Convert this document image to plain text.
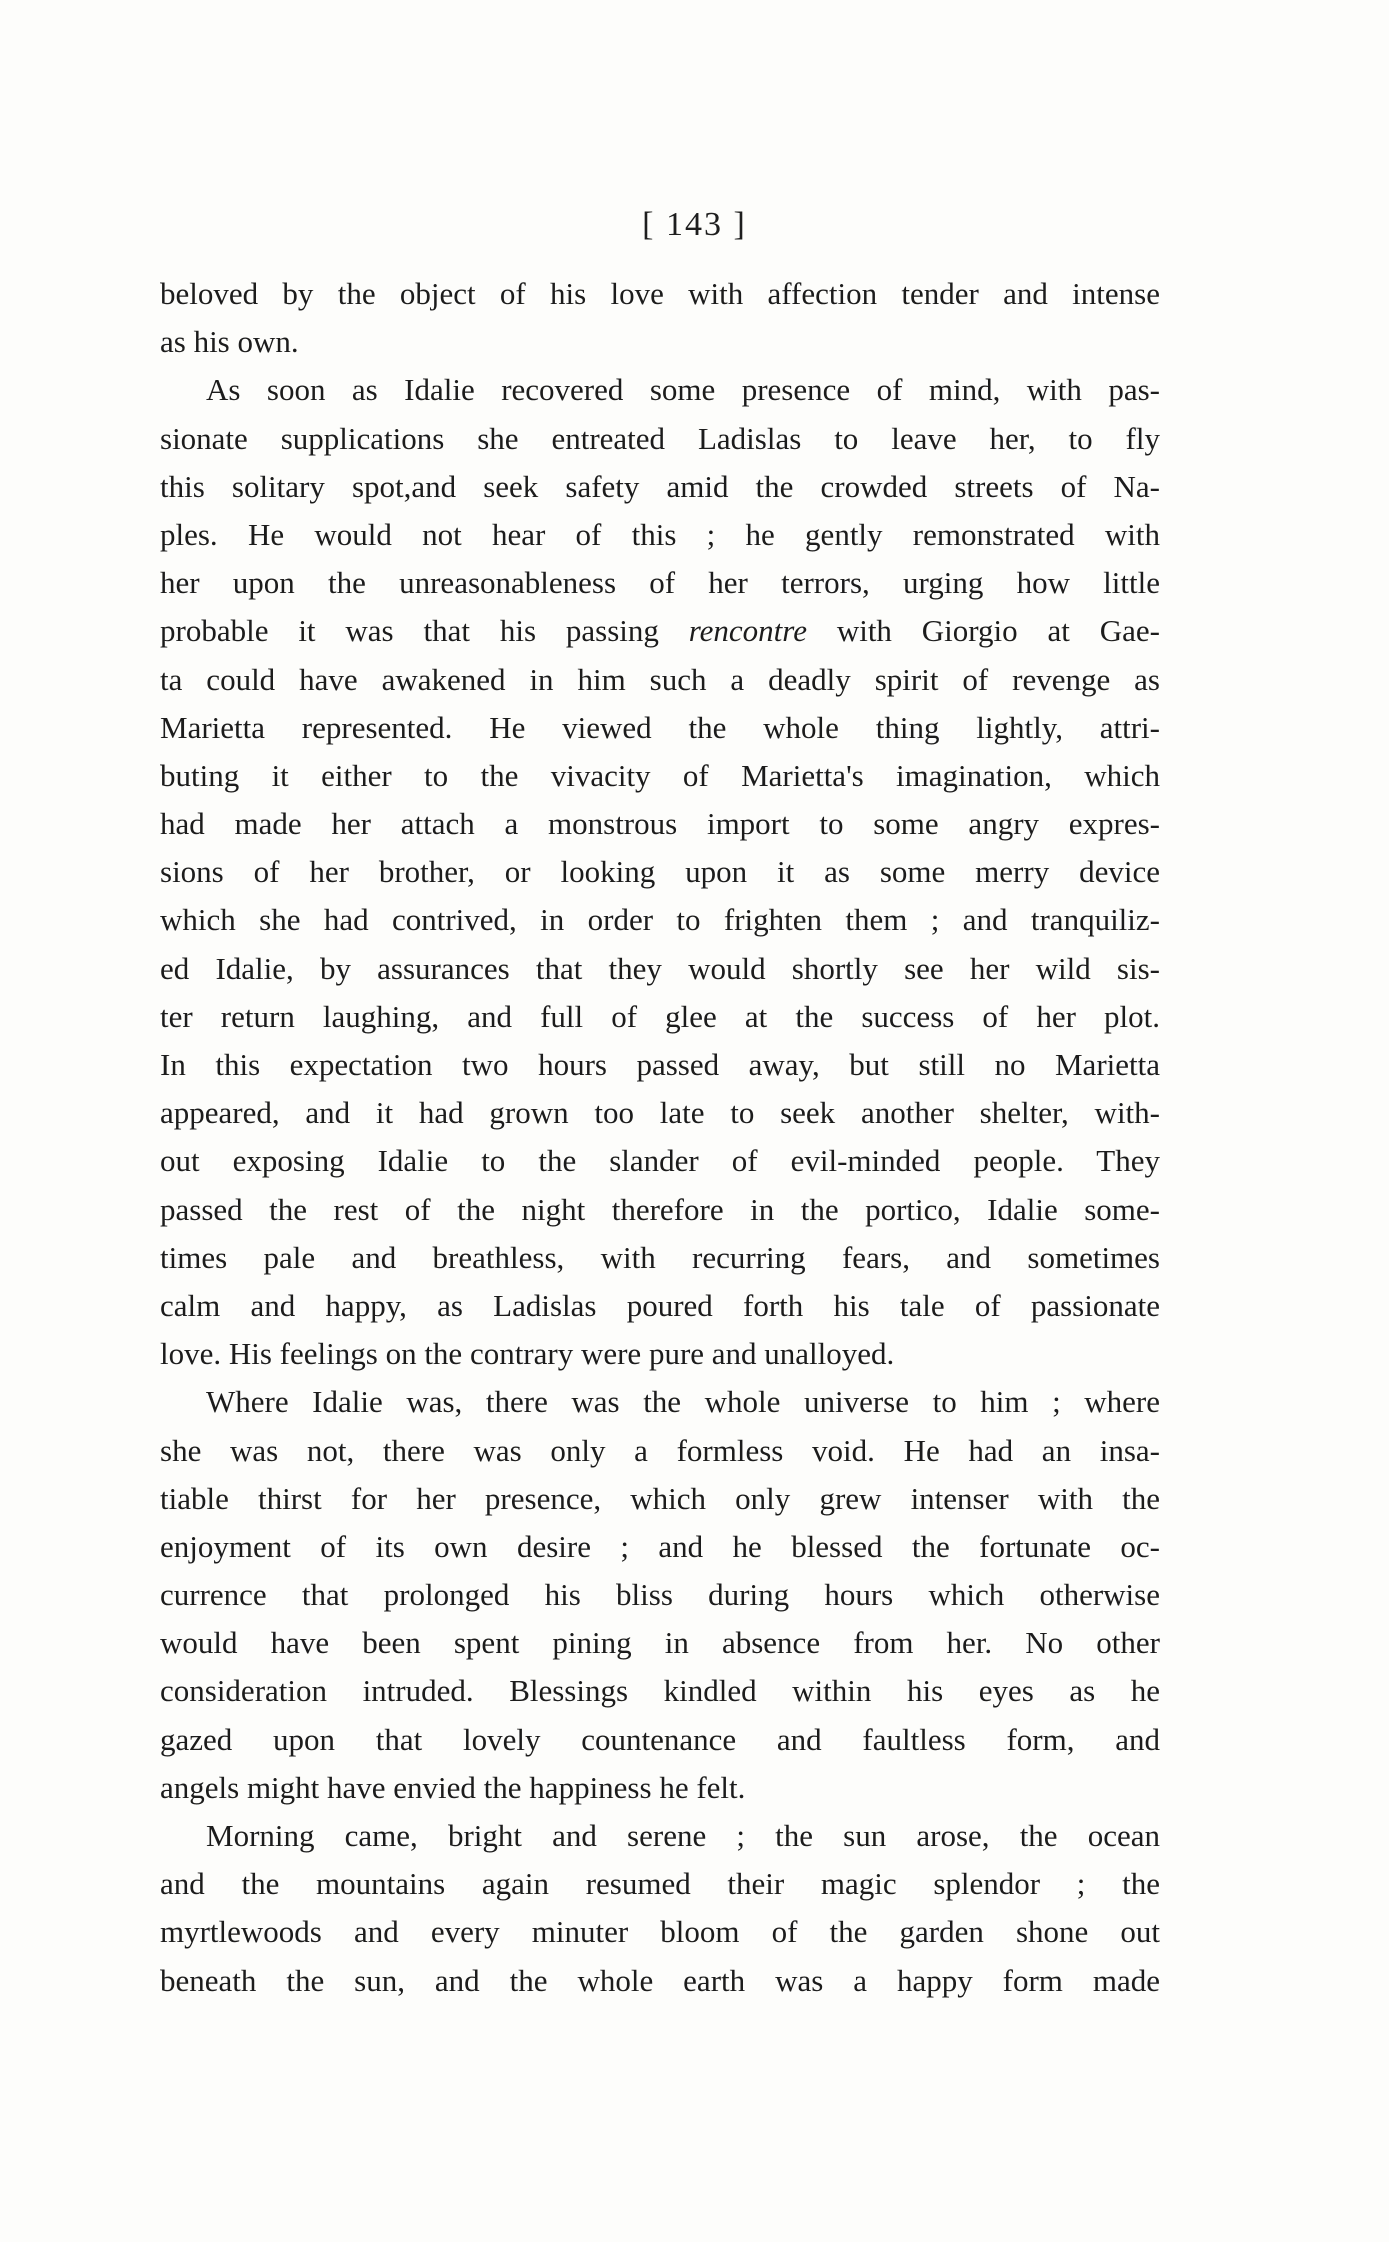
[ 143 ]
beloved by the object of his love with affection tender and intense
as his own.
As soon as Idalie recovered some presence of mind, with pas-
sionate supplications she entreated Ladislas to leave her, to fly
this solitary spot,and seek safety amid the crowded streets of Na-
ples. He would not hear of this ; he gently remonstrated with
her upon the unreasonableness of her terrors, urging how little
probable it was that his passing rencontre with Giorgio at Gae-
ta could have awakened in him such a deadly spirit of revenge as
Marietta represented. He viewed the whole thing lightly, attri-
buting it either to the vivacity of Marietta's imagination, which
had made her attach a monstrous import to some angry expres-
sions of her brother, or looking upon it as some merry device
which she had contrived, in order to frighten them ; and tranquiliz-
ed Idalie, by assurances that they would shortly see her wild sis-
ter return laughing, and full of glee at the success of her plot.
In this expectation two hours passed away, but still no Marietta
appeared, and it had grown too late to seek another shelter, with-
out exposing Idalie to the slander of evil-minded people. They
passed the rest of the night therefore in the portico, Idalie some-
times pale and breathless, with recurring fears, and sometimes
calm and happy, as Ladislas poured forth his tale of passionate
love. His feelings on the contrary were pure and unalloyed.
Where Idalie was, there was the whole universe to him ; where
she was not, there was only a formless void. He had an insa-
tiable thirst for her presence, which only grew intenser with the
enjoyment of its own desire ; and he blessed the fortunate oc-
currence that prolonged his bliss during hours which otherwise
would have been spent pining in absence from her. No other
consideration intruded. Blessings kindled within his eyes as he
gazed upon that lovely countenance and faultless form, and
angels might have envied the happiness he felt.
Morning came, bright and serene ; the sun arose, the ocean
and the mountains again resumed their magic splendor ; the
myrtlewoods and every minuter bloom of the garden shone out
beneath the sun, and the whole earth was a happy form made
